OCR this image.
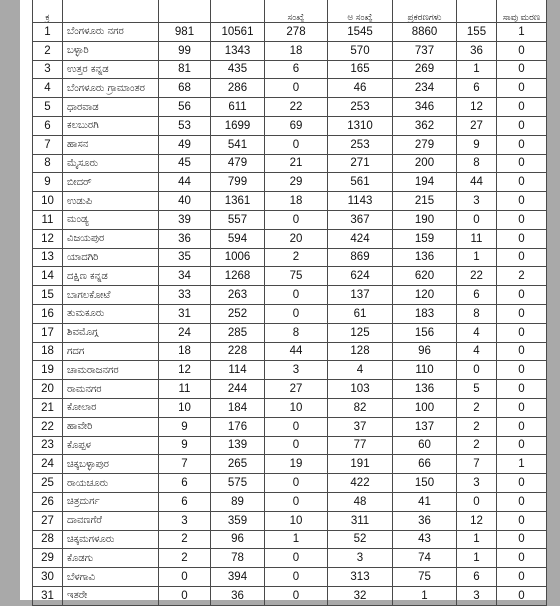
ಕ್ರ				ಸಂಖ್ಯೆ	ಅ ಸಂಖ್ಯೆ	ಪ್ರಕರಣಗಳು		ಸಾವು ಮರಣ
1	ಬೆಂಗಳೂರು ನಗರ	981	10561	278	1545	8860	155	1
2	ಬಳ್ಳಾರಿ	99	1343	18	570	737	36	0
3	ಉತ್ತರ ಕನ್ನಡ	81	435	6	165	269	1	0
4	ಬೆಂಗಳೂರು ಗ್ರಾಮಾಂತರ	68	286	0	46	234	6	0
5	ಧಾರವಾಡ	56	611	22	253	346	12	0
6	ಕಲಬುರಗಿ	53	1699	69	1310	362	27	0
7	ಹಾಸನ	49	541	0	253	279	9	0
8	ಮೈಸೂರು	45	479	21	271	200	8	0
9	ಬೀದರ್	44	799	29	561	194	44	0
10	ಉಡುಪಿ	40	1361	18	1143	215	3	0
11	ಮಂಡ್ಯ	39	557	0	367	190	0	0
12	ವಿಜಯಪುರ	36	594	20	424	159	11	0
13	ಯಾದಗಿರಿ	35	1006	2	869	136	1	0
14	ದಕ್ಷಿಣ ಕನ್ನಡ	34	1268	75	624	620	22	2
15	ಬಾಗಲಕೋಟೆ	33	263	0	137	120	6	0
16	ತುಮಕೂರು	31	252	0	61	183	8	0
17	ಶಿವಮೊಗ್ಗ	24	285	8	125	156	4	0
18	ಗದಗ	18	228	44	128	96	4	0
19	ಚಾಮರಾಜನಗರ	12	114	3	4	110	0	0
20	ರಾಮನಗರ	11	244	27	103	136	5	0
21	ಕೋಲಾರ	10	184	10	82	100	2	0
22	ಹಾವೇರಿ	9	176	0	37	137	2	0
23	ಕೊಪ್ಪಳ	9	139	0	77	60	2	0
24	ಚಿಕ್ಕಬಳ್ಳಾಪುರ	7	265	19	191	66	7	1
25	ರಾಯಚೂರು	6	575	0	422	150	3	0
26	ಚಿತ್ರದುರ್ಗ	6	89	0	48	41	0	0
27	ದಾವಣಗೆರೆ	3	359	10	311	36	12	0
28	ಚಿಕ್ಕಮಗಳೂರು	2	96	1	52	43	1	0
29	ಕೊಡಗು	2	78	0	3	74	1	0
30	ಬೆಳಗಾವಿ	0	394	0	313	75	6	0
31	ಇತರೇ	0	36	0	32	1	3	0
